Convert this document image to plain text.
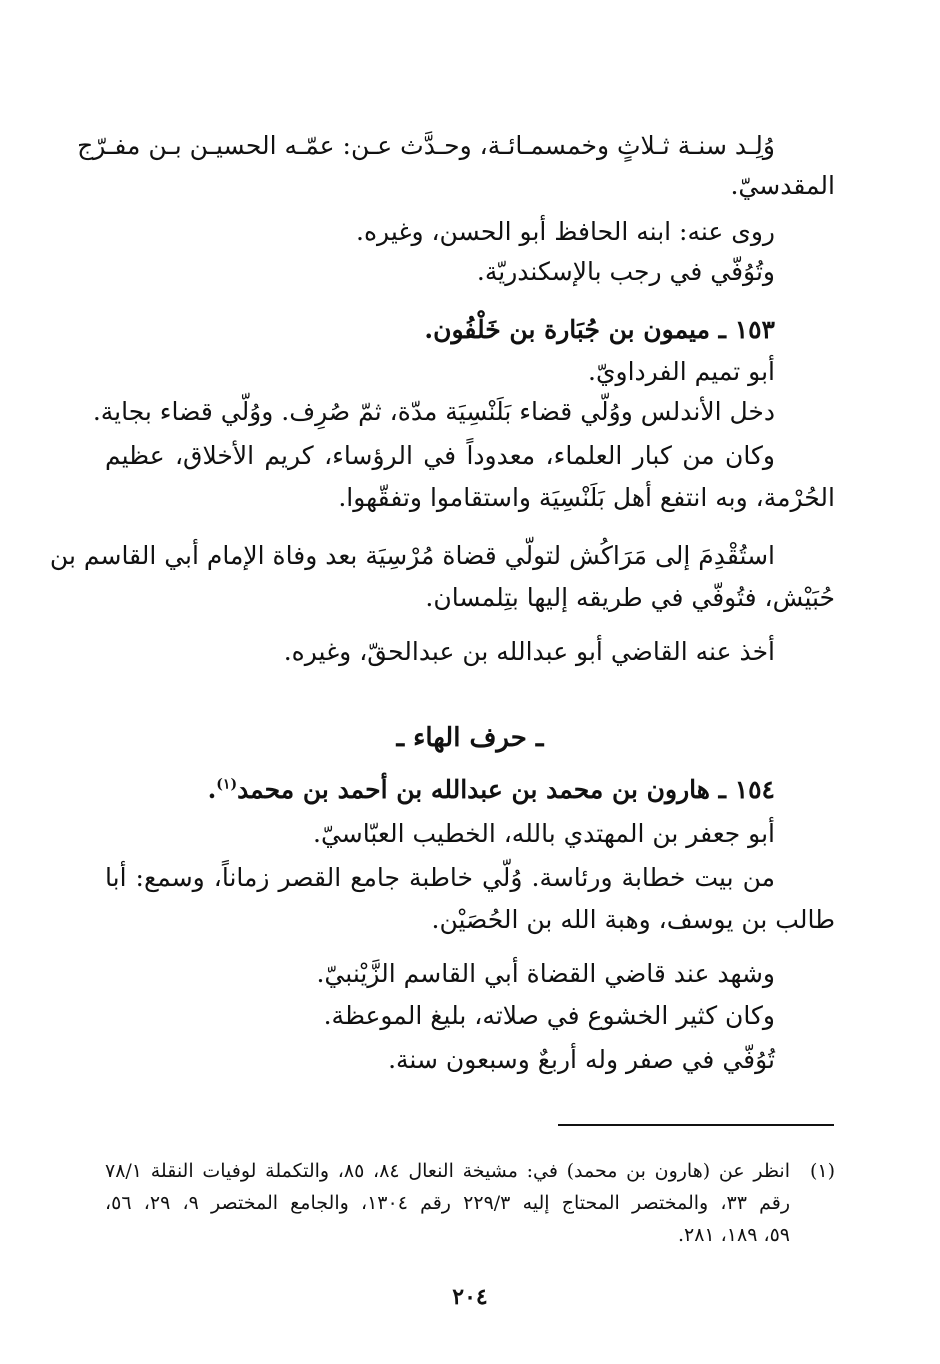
وُلِـد سنـة ثـلاثٍ وخمسمـائـة، وحـدَّث عـن: عمّـه الحسيـن بـن مفـرّج
المقدسيّ.
روى عنه: ابنه الحافظ أبو الحسن، وغيره.
وتُوُفّي في رجب بالإسكندريّة.
١٥٣ ـ ميمون بن جُبَارة بن خَلْفُون.
أبو تميم الفرداويّ.
دخل الأندلس ووُلّي قضاء بَلَنْسِيَة مدّة، ثمّ صُرِف. ووُلّي قضاء بجاية.
وكان من كبار العلماء، معدوداً في الرؤساء، كريم الأخلاق، عظيم
الحُرْمة، وبه انتفع أهل بَلَنْسِيَة واستقاموا وتفقّهوا.
استُقْدِمَ إلى مَرَاكُش لتولّي قضاة مُرْسِيَة بعد وفاة الإمام أبي القاسم بن
حُبَيْش، فتُوفّي في طريقه إليها بتِلمسان.
أخذ عنه القاضي أبو عبدالله بن عبدالحقّ، وغيره.
ـ حرف الهاء ـ
١٥٤ ـ هارون بن محمد بن عبدالله بن أحمد بن محمد$^{(١)}$.
أبو جعفر بن المهتدي بالله، الخطيب العبّاسيّ.
من بيت خطابة ورئاسة. وُلّي خاطبة جامع القصر زماناً، وسمع: أبا
طالب بن يوسف، وهبة الله بن الحُصَيْن.
وشهد عند قاضي القضاة أبي القاسم الزَّيْنبيّ.
وكان كثير الخشوع في صلاته، بليغ الموعظة.
تُوُفّي في صفر وله أربعٌ وسبعون سنة.
(١)
انظر عن (هارون بن محمد) في: مشيخة النعال ٨٤، ٨٥، والتكملة لوفيات النقلة ٧٨/١
رقم ٣٣، والمختصر المحتاج إليه ٢٢٩/٣ رقم ١٣٠٤، والجامع المختصر ٩، ٢٩، ٥٦،
٥٩، ١٨٩، ٢٨١.
٢٠٤
